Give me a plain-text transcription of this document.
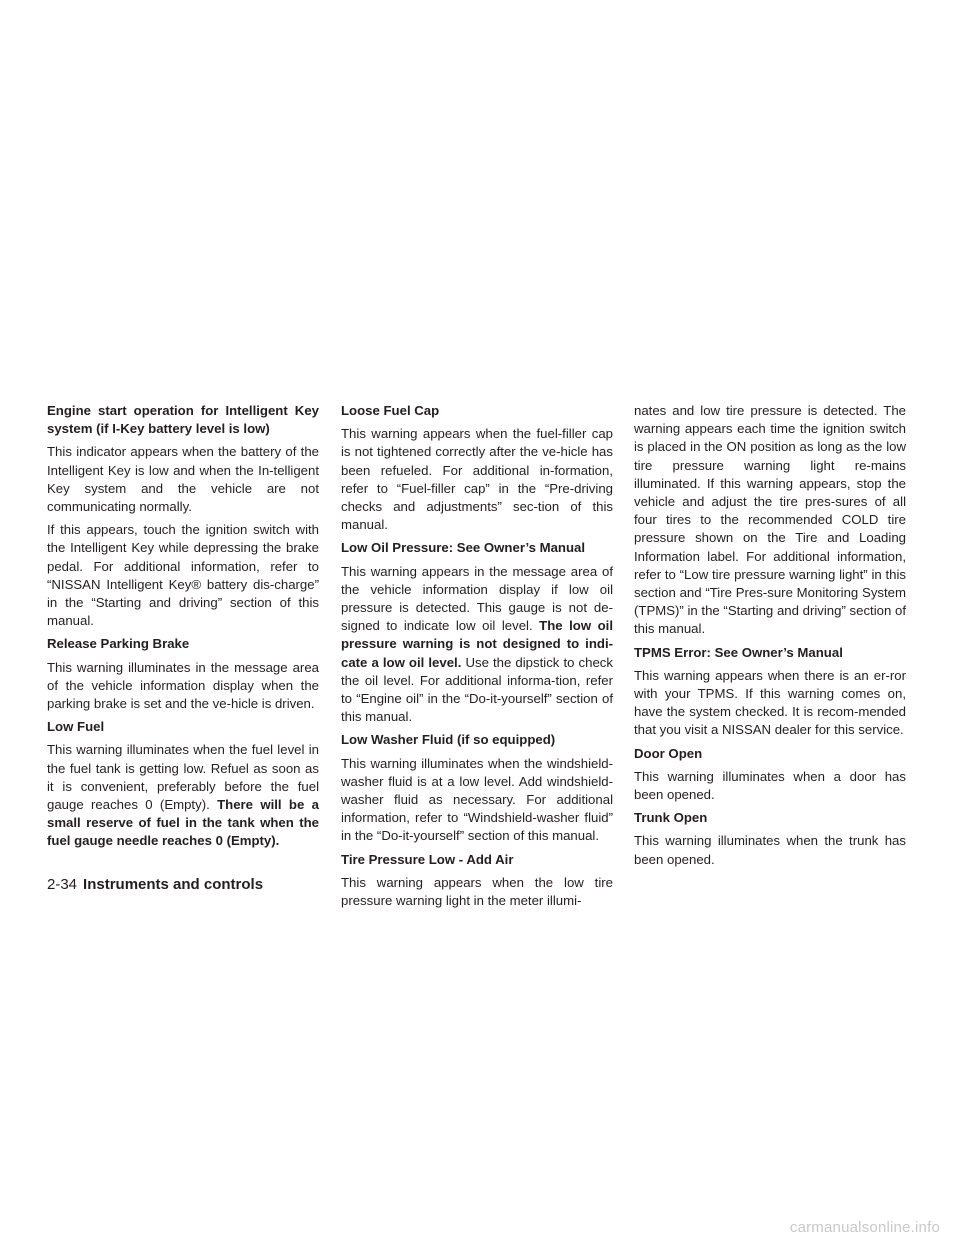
Engine start operation for Intelligent Key system (if I-Key battery level is low)

This indicator appears when the battery of the Intelligent Key is low and when the In-telligent Key system and the vehicle are not communicating normally.

If this appears, touch the ignition switch with the Intelligent Key while depressing the brake pedal. For additional information, refer to “NISSAN Intelligent Key® battery dis-charge” in the “Starting and driving” section of this manual.

Release Parking Brake

This warning illuminates in the message area of the vehicle information display when the parking brake is set and the ve-hicle is driven.

Low Fuel

This warning illuminates when the fuel level in the fuel tank is getting low. Refuel as soon as it is convenient, preferably before the fuel gauge reaches 0 (Empty). There will be a small reserve of fuel in the tank when the fuel gauge needle reaches 0 (Empty).

Loose Fuel Cap

This warning appears when the fuel-filler cap is not tightened correctly after the ve-hicle has been refueled. For additional in-formation, refer to “Fuel-filler cap” in the “Pre-driving checks and adjustments” sec-tion of this manual.

Low Oil Pressure: See Owner’s Manual

This warning appears in the message area of the vehicle information display if low oil pressure is detected. This gauge is not de-signed to indicate low oil level. The low oil pressure warning is not designed to indi-cate a low oil level. Use the dipstick to check the oil level. For additional informa-tion, refer to “Engine oil” in the “Do-it-yourself” section of this manual.

Low Washer Fluid (if so equipped)

This warning illuminates when the windshield-washer fluid is at a low level. Add windshield-washer fluid as necessary. For additional information, refer to “Windshield-washer fluid” in the “Do-it-yourself” section of this manual.

Tire Pressure Low - Add Air

This warning appears when the low tire pressure warning light in the meter illumi-

nates and low tire pressure is detected. The warning appears each time the ignition switch is placed in the ON position as long as the low tire pressure warning light re-mains illuminated. If this warning appears, stop the vehicle and adjust the tire pres-sures of all four tires to the recommended COLD tire pressure shown on the Tire and Loading Information label. For additional information, refer to “Low tire pressure warning light” in this section and “Tire Pres-sure Monitoring System (TPMS)” in the “Starting and driving” section of this manual.

TPMS Error: See Owner’s Manual

This warning appears when there is an er-ror with your TPMS. If this warning comes on, have the system checked. It is recom-mended that you visit a NISSAN dealer for this service.

Door Open

This warning illuminates when a door has been opened.

Trunk Open

This warning illuminates when the trunk has been opened.

2-34 Instruments and controls
carmanualsonline.info
